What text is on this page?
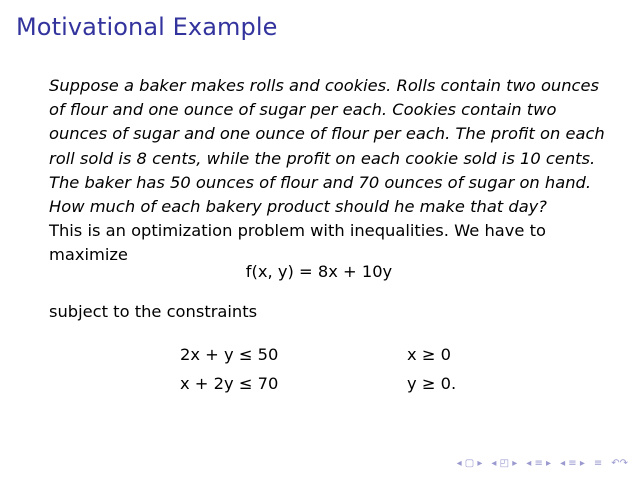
Motivational Example
Suppose a baker makes rolls and cookies. Rolls contain two ounces of flour and one ounce of sugar per each. Cookies contain two ounces of sugar and one ounce of flour per each. The profit on each roll sold is 8 cents, while the profit on each cookie sold is 10 cents. The baker has 50 ounces of flour and 70 ounces of sugar on hand. How much of each bakery product should he make that day?
This is an optimization problem with inequalities. We have to maximize
f(x, y) = 8x + 10y
subject to the constraints
2x + y ≤ 50
x + 2y ≤ 70
x ≥ 0
y ≥ 0.
◂ ▢ ▸ ◂ ◰ ▸ ◂ ≡ ▸ ◂ ≡ ▸ ≡ ↶↷
